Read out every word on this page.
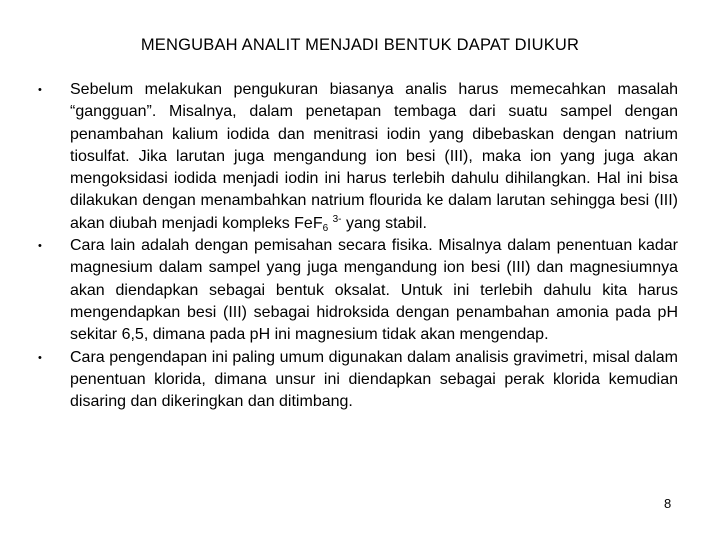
MENGUBAH ANALIT MENJADI BENTUK DAPAT DIUKUR
• Sebelum melakukan pengukuran biasanya analis harus memecahkan masalah “gangguan”. Misalnya, dalam penetapan tembaga dari suatu sampel dengan penambahan kalium iodida dan menitrasi iodin yang dibebaskan dengan natrium tiosulfat. Jika larutan juga mengandung ion besi (III), maka ion yang juga akan mengoksidasi iodida menjadi iodin ini harus terlebih dahulu dihilangkan. Hal ini bisa dilakukan dengan menambahkan natrium flourida ke dalam larutan sehingga besi (III) akan diubah menjadi kompleks FeF$_6$ $^{3-}$ yang stabil.
• Cara lain adalah dengan pemisahan secara fisika. Misalnya dalam penentuan kadar magnesium dalam sampel yang juga mengandung ion besi (III) dan magnesiumnya akan diendapkan sebagai bentuk oksalat. Untuk ini terlebih dahulu kita harus mengendapkan besi (III) sebagai hidroksida dengan penambahan amonia pada pH sekitar 6,5, dimana pada pH ini magnesium tidak akan mengendap.
• Cara pengendapan ini paling umum digunakan dalam analisis gravimetri, misal dalam penentuan klorida, dimana unsur ini diendapkan sebagai perak klorida kemudian disaring dan dikeringkan dan ditimbang.
8
